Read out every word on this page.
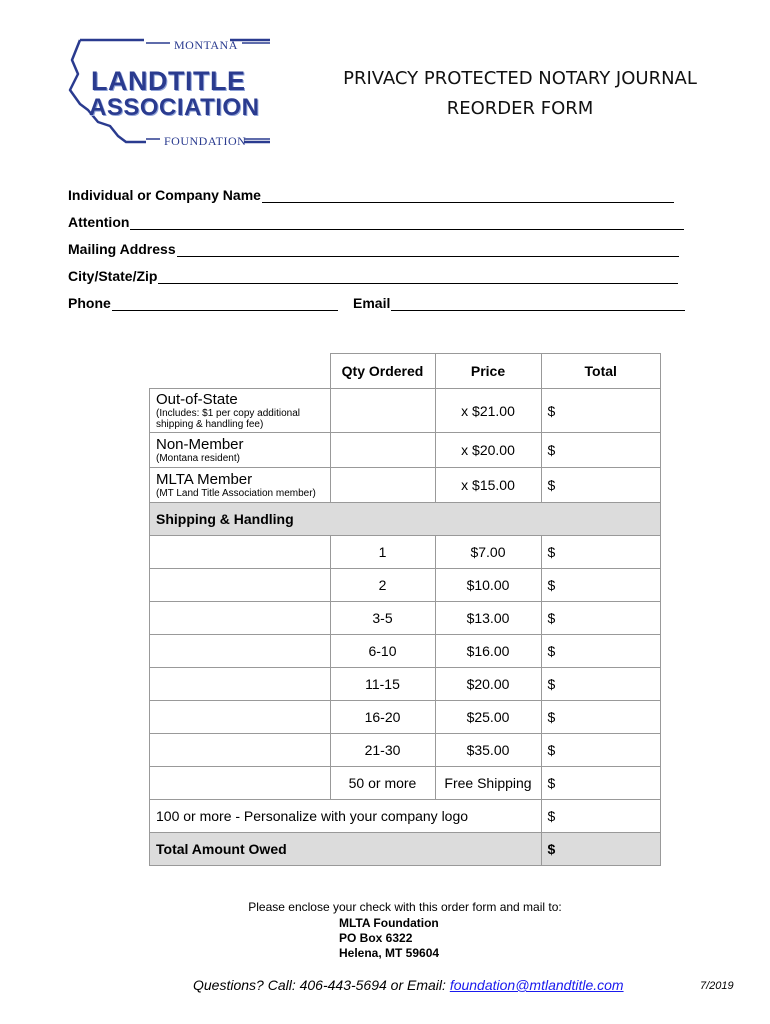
MONTANA
LANDTITLE
ASSOCIATION
FOUNDATION
PRIVACY PROTECTED NOTARY JOURNAL
REORDER FORM
Individual or Company Name
Attention
Mailing Address
City/State/Zip
Phone	Email
	Qty Ordered	Price	Total

Out-of-State
(Includes: $1 per copy additional shipping & handling fee)		x $21.00	$

Non-Member
(Montana resident)		x $20.00	$

MLTA Member
(MT Land Title Association member)		x $15.00	$
Shipping & Handling			
	1	$7.00	$
	2	$10.00	$
	3-5	$13.00	$
	6-10	$16.00	$
	11-15	$20.00	$
	16-20	$25.00	$
	21-30	$35.00	$
	50 or more	Free Shipping	$
100 or more - Personalize with your company logo			$
Total Amount Owed			$
Please enclose your check with this order form and mail to:
MLTA Foundation
PO Box 6322
Helena, MT 59604
Questions? Call: 406-443-5694 or Email: foundation@mtlandtitle.com	7/2019
